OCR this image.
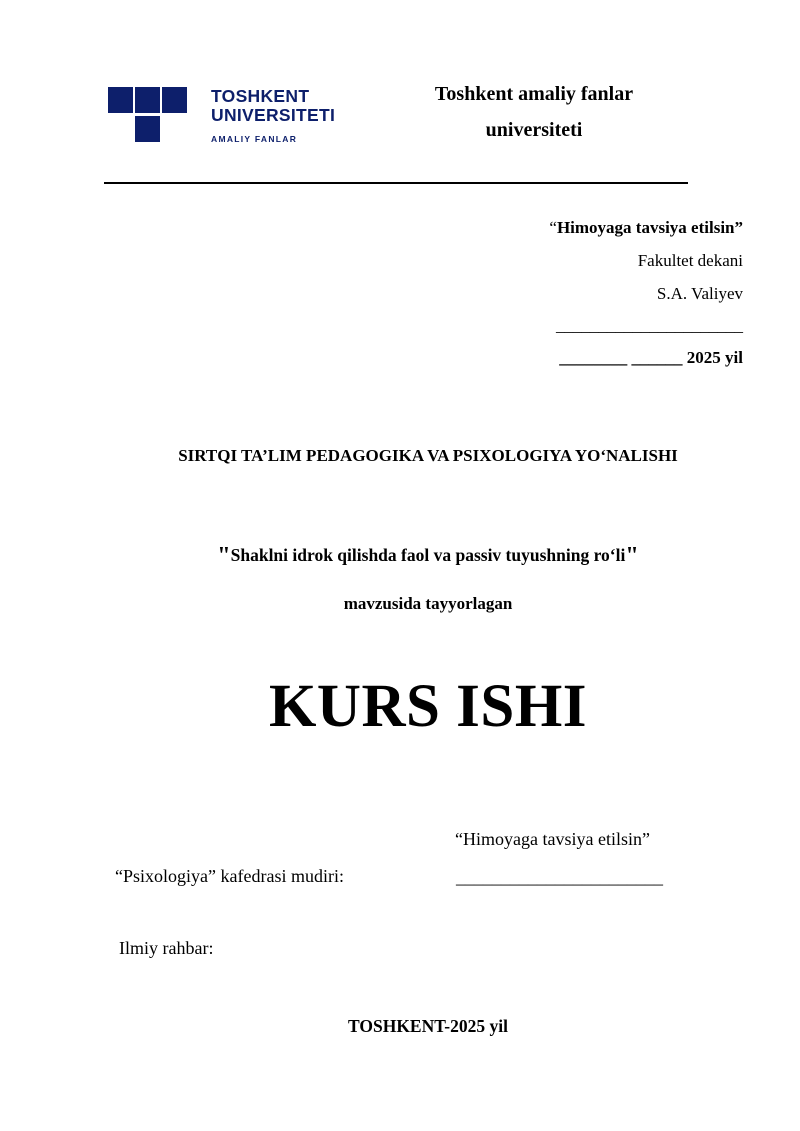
TOSHKENT
UNIVERSITETI
AMALIY FANLAR
Toshkent amaliy fanlar
universiteti
“Himoyaga tavsiya etilsin”
Fakultet dekani
S.A. Valiyev
______________________
________ ______ 2025 yil
SIRTQI TA’LIM PEDAGOGIKA VA PSIXOLOGIYA YO‘NALISHI
"Shaklni idrok qilishda faol va passiv tuyushning ro‘li"
mavzusida tayyorlagan
KURS ISHI
“Himoyaga tavsiya etilsin”
“Psixologiya” kafedrasi mudiri:	_______________________
Ilmiy rahbar:
TOSHKENT-2025 yil
